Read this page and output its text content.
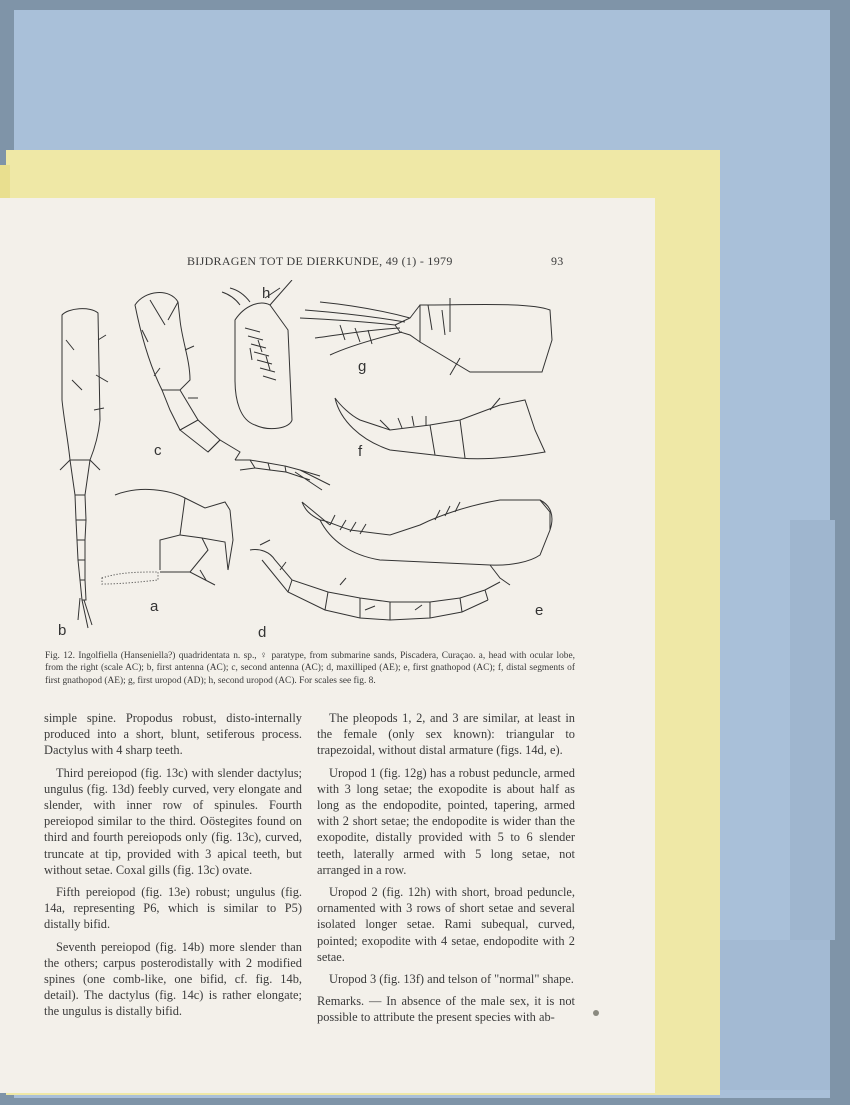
BIJDRAGEN TOT DE DIERKUNDE, 49 (1) - 1979	93
a
b
c
d
e
f
g
h
Fig. 12. Ingolfiella (Hanseniella?) quadridentata n. sp., ♀ paratype, from submarine sands, Piscadera, Curaçao. a, head with ocular lobe, from the right (scale AC); b, first antenna (AC); c, second antenna (AC); d, maxilliped (AE); e, first gnathopod (AC); f, distal segments of first gnathopod (AE); g, first uropod (AD); h, second uropod (AC). For scales see fig. 8.

simple spine. Propodus robust, disto-internally produced into a short, blunt, setiferous process. Dactylus with 4 sharp teeth.

Third pereiopod (fig. 13c) with slender dactylus; ungulus (fig. 13d) feebly curved, very elongate and slender, with inner row of spinules. Fourth pereiopod similar to the third. Oöstegites found on third and fourth pereiopods only (fig. 13c), curved, truncate at tip, provided with 3 apical teeth, but without setae. Coxal gills (fig. 13c) ovate.

Fifth pereiopod (fig. 13e) robust; ungulus (fig. 14a, representing P6, which is similar to P5) distally bifid.

Seventh pereiopod (fig. 14b) more slender than the others; carpus posterodistally with 2 modified spines (one comb-like, one bifid, cf. fig. 14b, detail). The dactylus (fig. 14c) is rather elongate; the ungulus is distally bifid.

The pleopods 1, 2, and 3 are similar, at least in the female (only sex known): triangular to trapezoidal, without distal armature (figs. 14d, e).

Uropod 1 (fig. 12g) has a robust peduncle, armed with 3 long setae; the exopodite is about half as long as the endopodite, pointed, tapering, armed with 2 short setae; the endopodite is wider than the exopodite, distally provided with 5 to 6 slender teeth, laterally armed with 5 long setae, not arranged in a row.

Uropod 2 (fig. 12h) with short, broad peduncle, ornamented with 3 rows of short setae and several isolated longer setae. Rami subequal, curved, pointed; exopodite with 4 setae, endopodite with 2 setae.

Uropod 3 (fig. 13f) and telson of "normal" shape.

Remarks. — In absence of the male sex, it is not possible to attribute the present species with ab-
